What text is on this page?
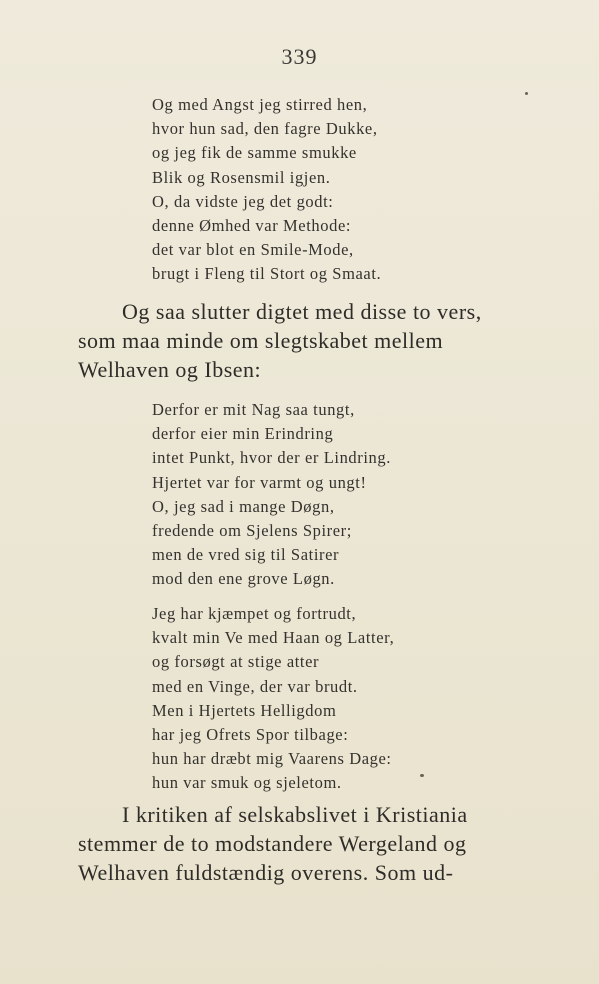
339
Og med Angst jeg stirred hen,
hvor hun sad, den fagre Dukke,
og jeg fik de samme smukke
Blik og Rosensmil igjen.
O, da vidste jeg det godt:
denne Ømhed var Methode:
det var blot en Smile-Mode,
brugt i Fleng til Stort og Smaat.
Og saa slutter digtet med disse to vers,
som maa minde om slegtskabet mellem
Welhaven og Ibsen:
Derfor er mit Nag saa tungt,
derfor eier min Erindring
intet Punkt, hvor der er Lindring.
Hjertet var for varmt og ungt!
O, jeg sad i mange Døgn,
fredende om Sjelens Spirer;
men de vred sig til Satirer
mod den ene grove Løgn.
Jeg har kjæmpet og fortrudt,
kvalt min Ve med Haan og Latter,
og forsøgt at stige atter
med en Vinge, der var brudt.
Men i Hjertets Helligdom
har jeg Ofrets Spor tilbage:
hun har dræbt mig Vaarens Dage:
hun var smuk og sjeletom.
I kritiken af selskabslivet i Kristiania
stemmer de to modstandere Wergeland og
Welhaven fuldstændig overens. Som ud-
